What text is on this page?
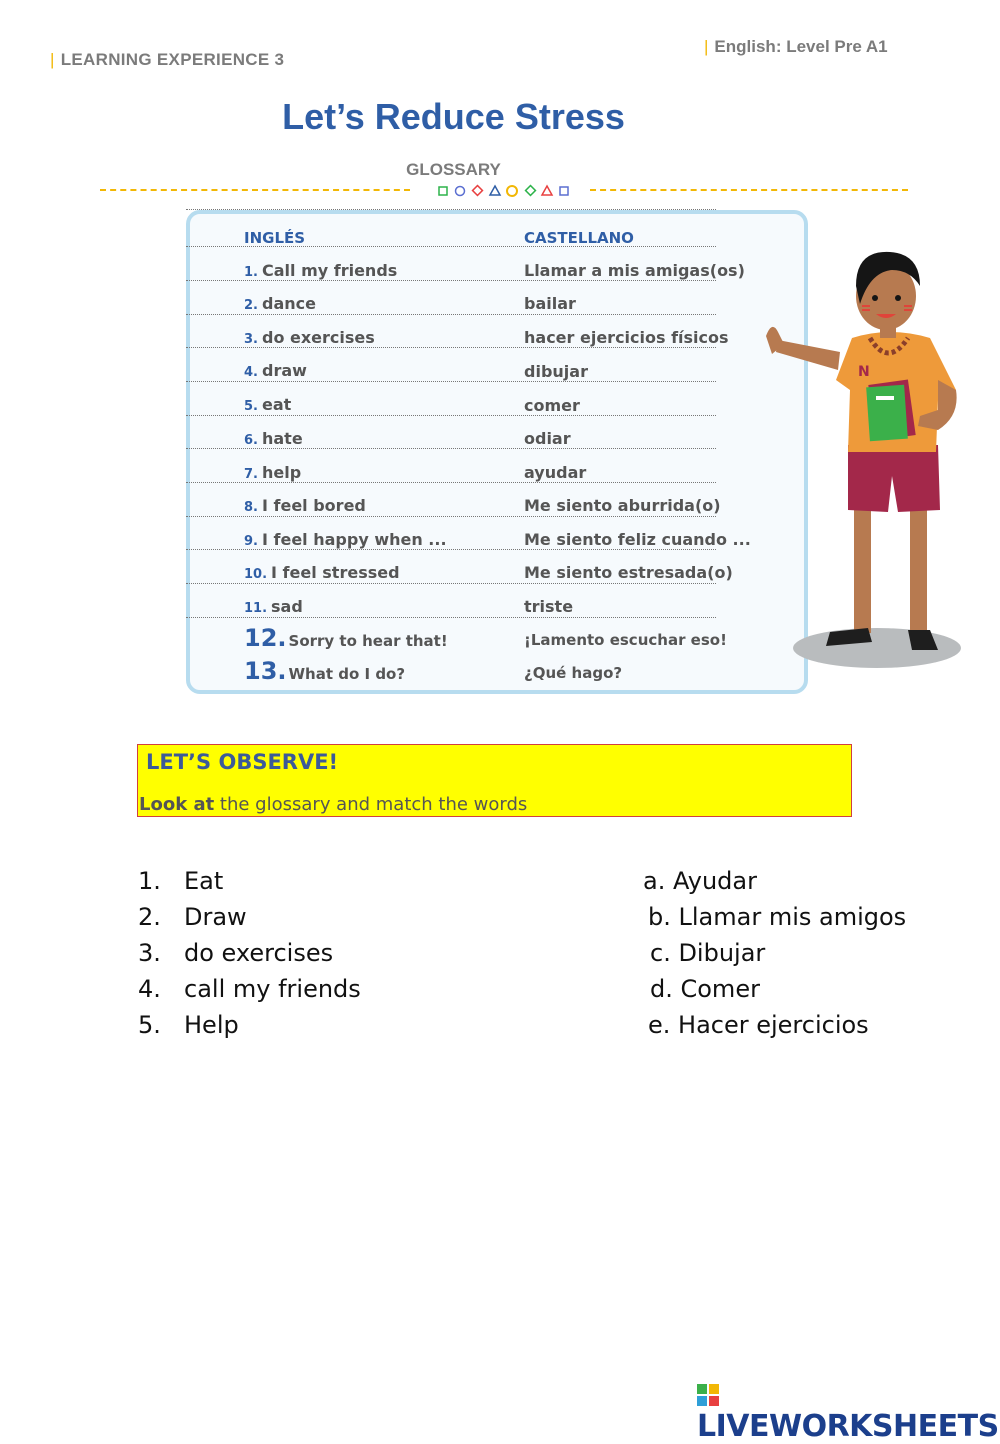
| LEARNING EXPERIENCE 3
| English: Level Pre A1
Let’s Reduce Stress
GLOSSARY
INGLÉS	CASTELLANO
1. Call my friends	Llamar a mis amigas(os)
2. dance	bailar
3. do exercises	hacer ejercicios físicos
4. draw	dibujar
5. eat	comer
6. hate	odiar
7. help	ayudar
8. I feel bored	Me siento aburrida(o)
9. I feel happy when ...	Me siento feliz cuando ...
10. I feel stressed	Me siento estresada(o)
11. sad	triste
12. Sorry to hear that!	¡Lamento escuchar eso!
13. What do I do?	¿Qué hago?
N
LET’S OBSERVE!
Look at the glossary and match the words
1. Eat
2. Draw
3. do exercises
4. call my friends
5. Help
a. Ayudar
b. Llamar mis amigos
c. Dibujar
d. Comer
e. Hacer ejercicios
LIVEWORKSHEETS
